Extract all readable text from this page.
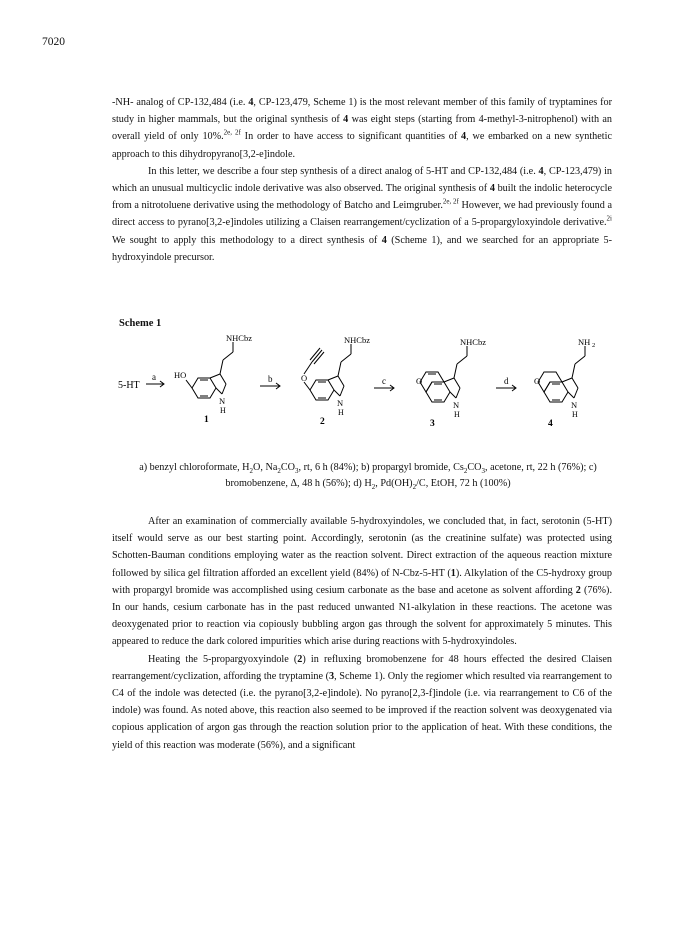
7020

-NH- analog of CP-132,484 (i.e. 4, CP-123,479, Scheme 1) is the most relevant member of this family of tryptamines for study in higher mammals, but the original synthesis of 4 was eight steps (starting from 4-methyl-3-nitrophenol) with an overall yield of only 10%.$^{2e, 2f}$ In order to have access to significant quantities of 4, we embarked on a new synthetic approach to this dihydropyrano[3,2-e]indole.

In this letter, we describe a four step synthesis of a direct analog of 5-HT and CP-132,484 (i.e. 4, CP-123,479) in which an unusual multicyclic indole derivative was also observed. The original synthesis of 4 built the indolic heterocycle from a nitrotoluene derivative using the methodology of Batcho and Leimgruber.$^{2e, 2f}$ However, we had previously found a direct access to pyrano[3,2-e]indoles utilizing a Claisen rearrangement/cyclization of a 5-propargyloxyindole derivative.$^{2i}$ We sought to apply this methodology to a direct synthesis of 4 (Scheme 1), and we searched for an appropriate 5-hydroxyindole precursor.

Scheme 1
5-HT
a	b	c	d
NHCbz
HO
N
H
1
NHCbz
O
N
H
2
NHCbz
O
N
H
3
NH 2
O
N
H
4
a) benzyl chloroformate, $H_2O$, $Na_2CO_3$, rt, 6 h (84%); b) propargyl bromide, $Cs_2CO_3$, acetone, rt, 22 h (76%); c) bromobenzene, Δ, 48 h (56%); d) $H_2$, $Pd(OH)_2/C$, EtOH, 72 h (100%)

After an examination of commercially available 5-hydroxyindoles, we concluded that, in fact, serotonin (5-HT) itself would serve as our best starting point. Accordingly, serotonin (as the creatinine sulfate) was protected using Schotten-Bauman conditions employing water as the reaction solvent. Direct extraction of the aqueous reaction mixture followed by silica gel filtration afforded an excellent yield (84%) of N-Cbz-5-HT (1). Alkylation of the C5-hydroxy group with propargyl bromide was accomplished using cesium carbonate as the base and acetone as solvent affording 2 (76%). In our hands, cesium carbonate has in the past reduced unwanted N1-alkylation in these reactions. The acetone was deoxygenated prior to reaction via copiously bubbling argon gas through the solvent for approximately 5 minutes. This appeared to reduce the dark colored impurities which arise during reactions with 5-hydroxyindoles.

Heating the 5-propargyoxyindole (2) in refluxing bromobenzene for 48 hours effected the desired Claisen rearrangement/cyclization, affording the tryptamine (3, Scheme 1). Only the regiomer which resulted via rearrangement to C4 of the indole was detected (i.e. the pyrano[3,2-e]indole). No pyrano[2,3-f]indole (i.e. via rearrangement to C6 of the indole) was found. As noted above, this reaction also seemed to be improved if the reaction solvent was deoxygenated via copious application of argon gas through the reaction solution prior to the application of heat. With these conditions, the yield of this reaction was moderate (56%), and a significant
